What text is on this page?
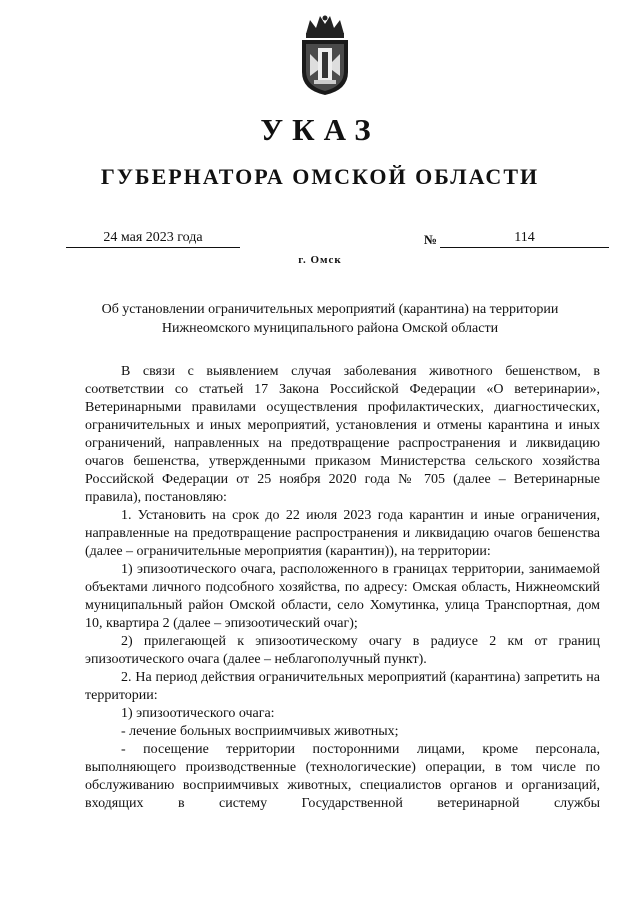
УКАЗ
ГУБЕРНАТОРА ОМСКОЙ ОБЛАСТИ
24 мая 2023 года	№	114
г. Омск
Об установлении ограничительных мероприятий (карантина) на территории Нижнеомского муниципального района Омской области

В связи с выявлением случая заболевания животного бешенством, в соответствии со статьей 17 Закона Российской Федерации «О ветеринарии», Ветеринарными правилами осуществления профилактических, диагностических, ограничительных и иных мероприятий, установления и отмены карантина и иных ограничений, направленных на предотвращение распространения и ликвидацию очагов бешенства, утвержденными приказом Министерства сельского хозяйства Российской Федерации от 25 ноября 2020 года № 705 (далее – Ветеринарные правила), постановляю:

1. Установить на срок до 22 июля 2023 года карантин и иные ограничения, направленные на предотвращение распространения и ликвидацию очагов бешенства (далее – ограничительные мероприятия (карантин)), на территории:

1) эпизоотического очага, расположенного в границах территории, занимаемой объектами личного подсобного хозяйства, по адресу: Омская область, Нижнеомский муниципальный район Омской области, село Хомутинка, улица Транспортная, дом 10, квартира 2 (далее – эпизоотический очаг);

2) прилегающей к эпизоотическому очагу в радиусе 2 км от границ эпизоотического очага (далее – неблагополучный пункт).

2. На период действия ограничительных мероприятий (карантина) запретить на территории:

1) эпизоотического очага:

- лечение больных восприимчивых животных;

- посещение территории посторонними лицами, кроме персонала, выполняющего производственные (технологические) операции, в том числе по обслуживанию восприимчивых животных, специалистов органов и организаций, входящих в систему Государственной ветеринарной службы
